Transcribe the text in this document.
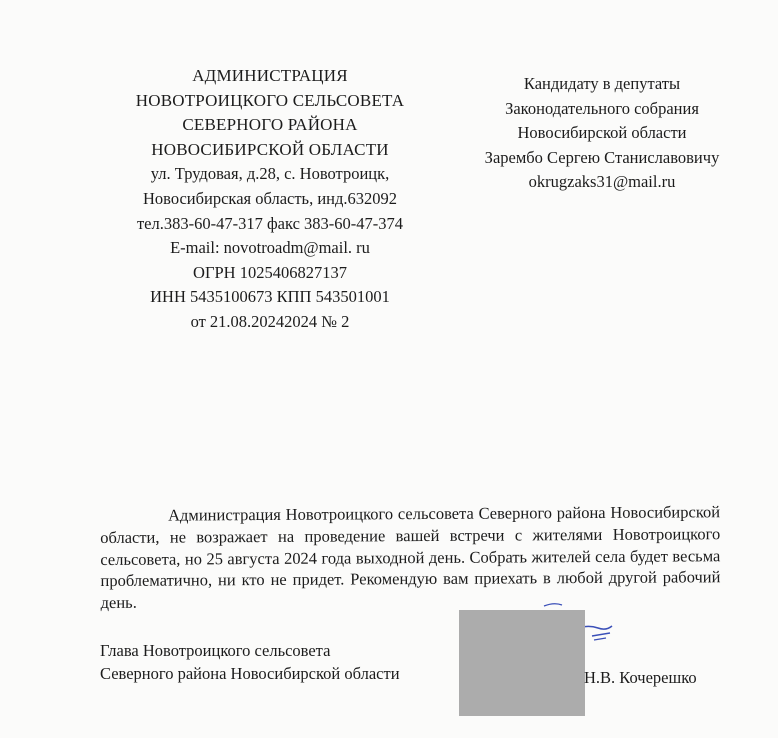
АДМИНИСТРАЦИЯ
НОВОТРОИЦКОГО СЕЛЬСОВЕТА
СЕВЕРНОГО РАЙОНА
НОВОСИБИРСКОЙ ОБЛАСТИ
ул. Трудовая, д.28, с. Новотроицк,
Новосибирская область, инд.632092
тел.383-60-47-317 факс 383-60-47-374
E-mail: novotroadm@mail. ru
ОГРН 1025406827137
ИНН 5435100673 КПП 543501001
от 21.08.20242024 № 2
Кандидату в депутаты
Законодательного собрания
Новосибирской области
Зарембо Сергею Станиславовичу
okrugzaks31@mail.ru

Администрация Новотроицкого сельсовета Северного района Новосибирской области, не возражает на проведение вашей встречи с жителями Новотроицкого сельсовета, но 25 августа 2024 года выходной день. Собрать жителей села будет весьма проблематично, ни кто не придет. Рекомендую вам приехать в любой другой рабочий день.

Глава Новотроицкого сельсовета
Северного района Новосибирской области	Н.В. Кочерешко
